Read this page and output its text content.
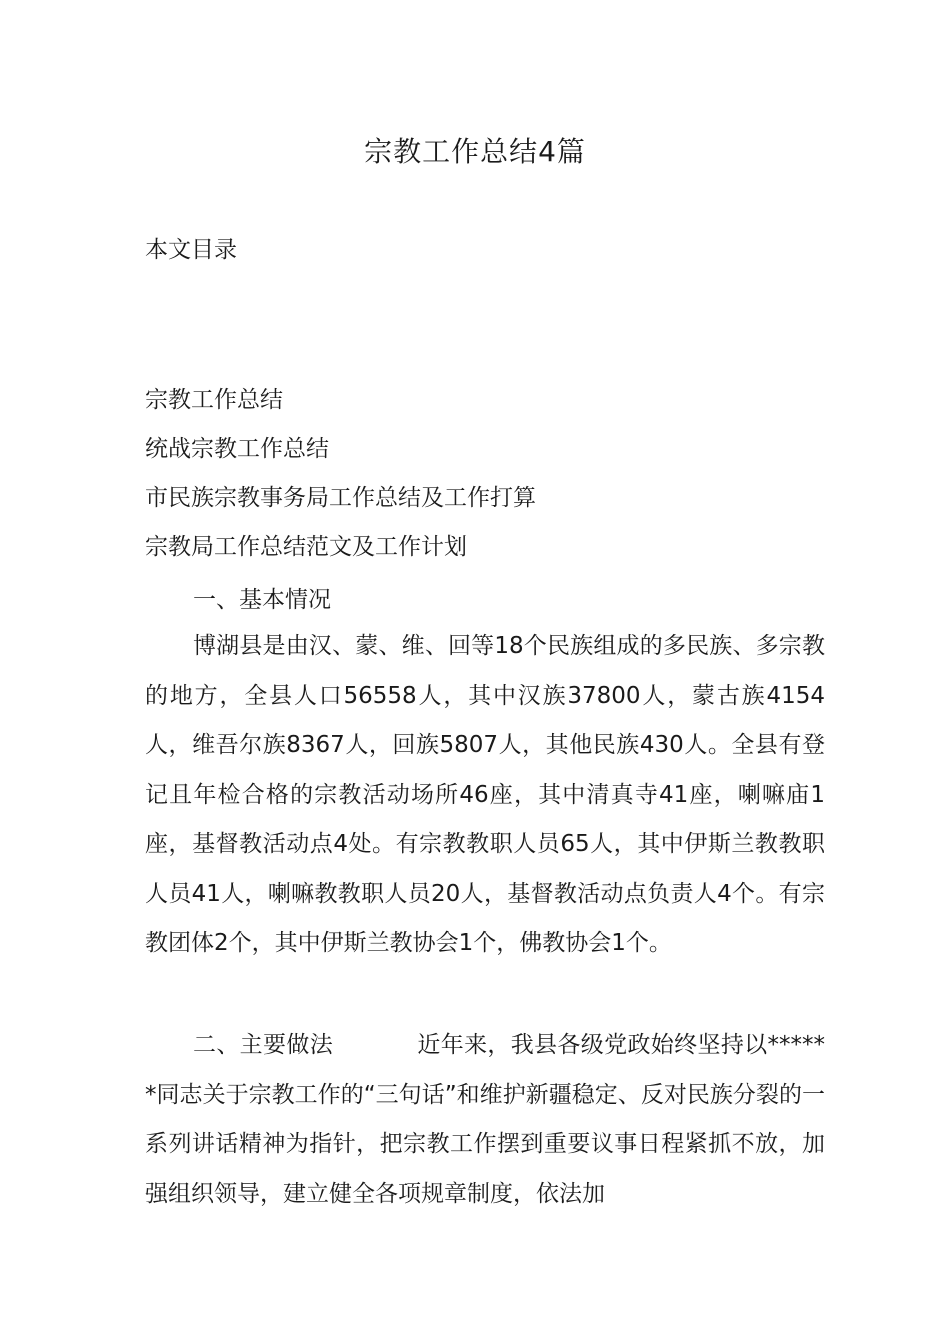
宗教工作总结4篇
本文目录
宗教工作总结
统战宗教工作总结
市民族宗教事务局工作总结及工作打算
宗教局工作总结范文及工作计划
一、基本情况

博湖县是由汉、蒙、维、回等18个民族组成的多民族、多宗教的地方，全县人口56558人，其中汉族37800人，蒙古族4154人，维吾尔族8367人，回族5807人，其他民族430人。全县有登记且年检合格的宗教活动场所46座，其中清真寺41座，喇嘛庙1座，基督教活动点4处。有宗教教职人员65人，其中伊斯兰教教职人员41人，喇嘛教教职人员20人，基督教活动点负责人4个。有宗教团体2个，其中伊斯兰教协会1个，佛教协会1个。

二、主要做法	近年来，我县各级党政始终坚持以******同志关于宗教工作的“三句话”和维护新疆稳定、反对民族分裂的一系列讲话精神为指针，把宗教工作摆到重要议事日程紧抓不放，加强组织领导，建立健全各项规章制度，依法加
